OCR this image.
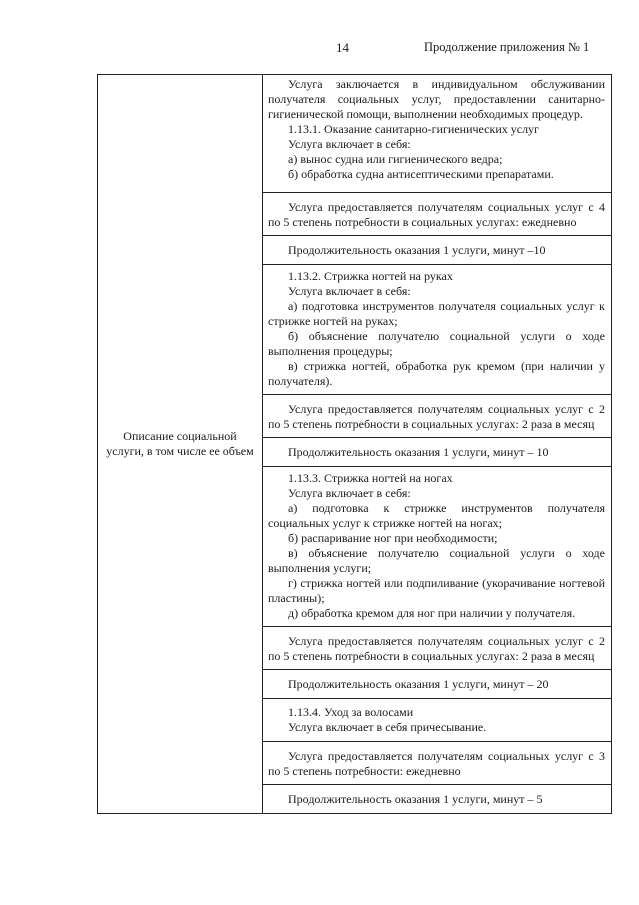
14	Продолжение приложения № 1
Описание социальной услуги, в том числе ее объем	
Услуга заключается в индивидуальном обслуживании получателя социальных услуг, предоставлении санитарно-гигиенической помощи, выполнении необходимых процедур.
1.13.1. Оказание санитарно-гигиенических услуг
Услуга включает в себя:
а) вынос судна или гигиенического ведра;
б) обработка судна антисептическими препаратами.

Услуга предоставляется получателям социальных услуг с 4 по 5 степень потребности в социальных услугах: ежедневно

Продолжительность оказания 1 услуги, минут –10

1.13.2. Стрижка ногтей на руках
Услуга включает в себя:
а) подготовка инструментов получателя социальных услуг к стрижке ногтей на руках;
б) объяснение получателю социальной услуги о ходе выполнения процедуры;
в) стрижка ногтей, обработка рук кремом (при наличии у получателя).

Услуга предоставляется получателям социальных услуг с 2 по 5 степень потребности в социальных услугах: 2 раза в месяц

Продолжительность оказания 1 услуги, минут – 10

1.13.3. Стрижка ногтей на ногах
Услуга включает в себя:
а) подготовка к стрижке инструментов получателя социальных услуг к стрижке ногтей на ногах;
б) распаривание ног при необходимости;
в) объяснение получателю социальной услуги о ходе выполнения услуги;
г) стрижка ногтей или подпиливание (укорачивание ногтевой пластины);
д) обработка кремом для ног при наличии у получателя.

Услуга предоставляется получателям социальных услуг с 2 по 5 степень потребности в социальных услугах: 2 раза в месяц

Продолжительность оказания 1 услуги, минут – 20

1.13.4. Уход за волосами
Услуга включает в себя причесывание.

Услуга предоставляется получателям социальных услуг с 3 по 5 степень потребности: ежедневно

Продолжительность оказания 1 услуги, минут – 5
